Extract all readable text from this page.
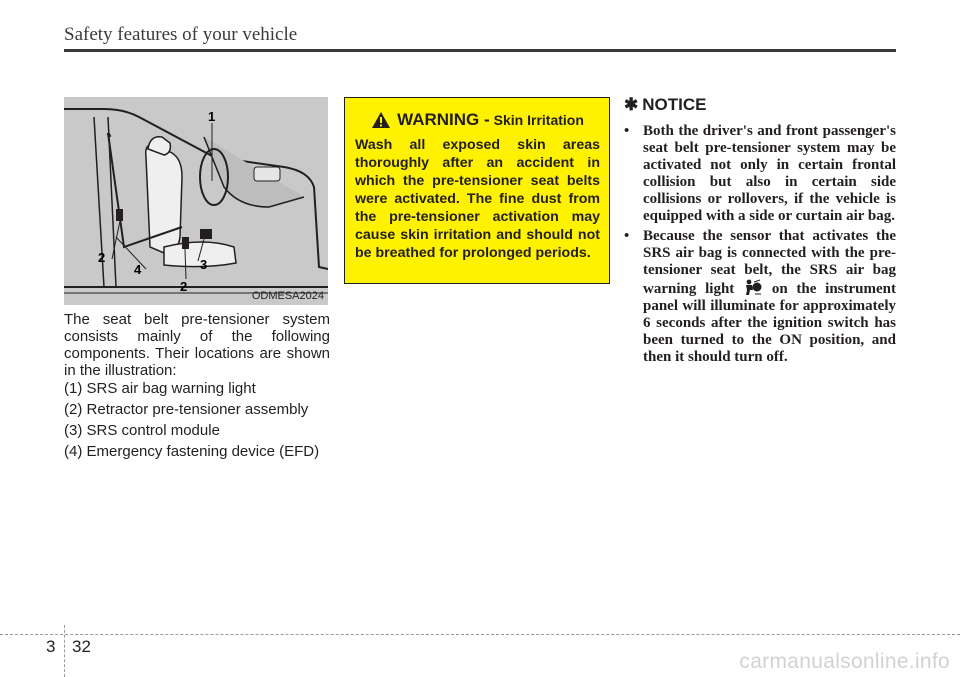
Safety features of your vehicle
1
2
4	3
2
ODMESA2024

The seat belt pre-tensioner system consists mainly of the following components. Their locations are shown in the illustration:

(1) SRS air bag warning light
(2) Retractor pre-tensioner assembly
(3) SRS control module
(4) Emergency fastening device (EFD)
WARNING - Skin Irritation

Wash all exposed skin areas thoroughly after an accident in which the pre-tensioner seat belts were activated. The fine dust from the pre-tensioner activation may cause skin irritation and should not be breathed for prolonged periods.

✱ NOTICE
• Both the driver's and front passenger's seat belt pre-tensioner system may be activated not only in certain frontal collision but also in certain side collisions or rollovers, if the vehicle is equipped with a side or curtain air bag.
• Because the sensor that activates the SRS air bag is connected with the pre-tensioner seat belt, the SRS air bag warning light	on the instrument panel will illuminate for approximately 6 seconds after the ignition switch has been turned to the ON position, and then it should turn off.
3 32
carmanualsonline.info
